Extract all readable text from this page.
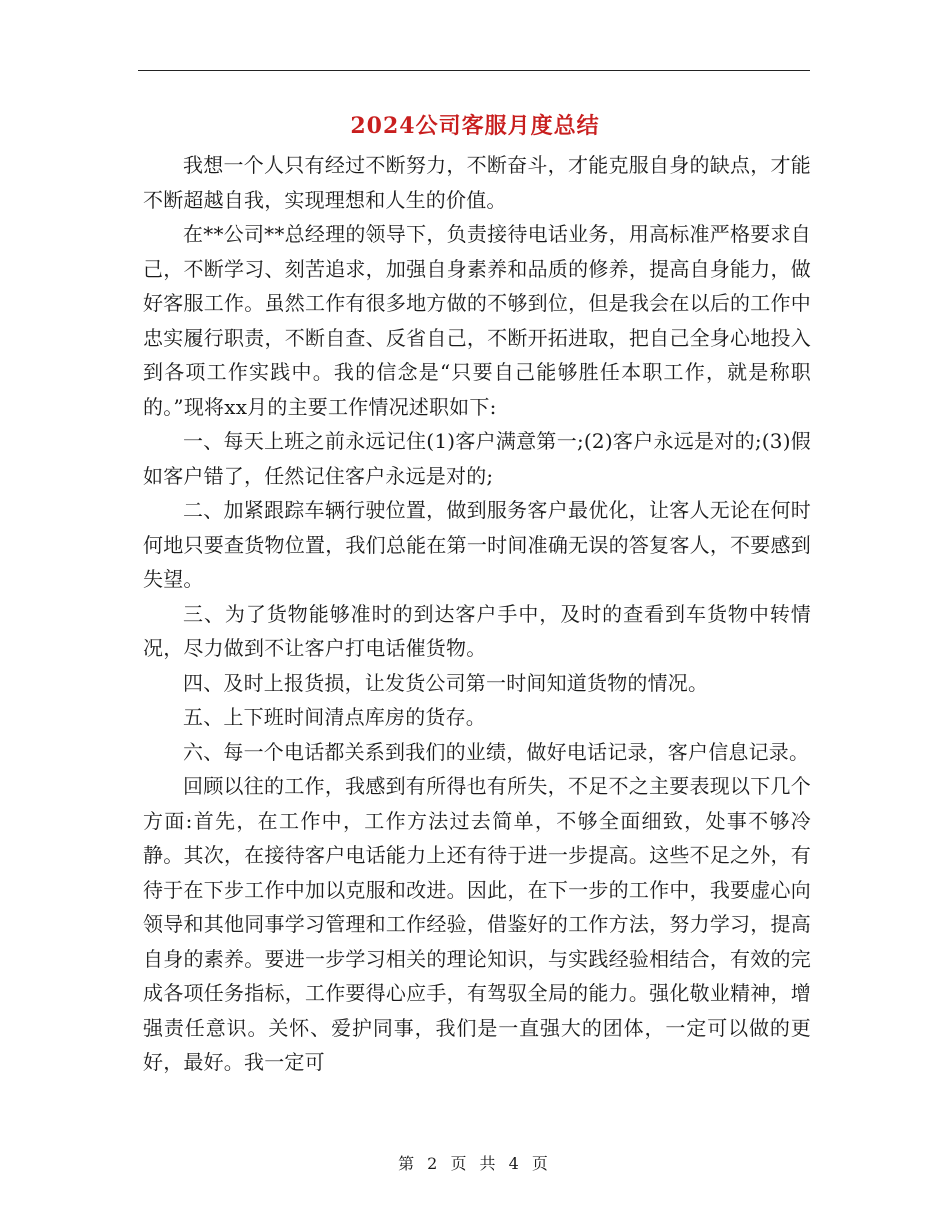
2024公司客服月度总结

我想一个人只有经过不断努力，不断奋斗，才能克服自身的缺点，才能不断超越自我，实现理想和人生的价值。

在**公司**总经理的领导下，负责接待电话业务，用高标准严格要求自己，不断学习、刻苦追求，加强自身素养和品质的修养，提高自身能力，做好客服工作。虽然工作有很多地方做的不够到位，但是我会在以后的工作中忠实履行职责，不断自查、反省自己，不断开拓进取，把自己全身心地投入到各项工作实践中。我的信念是“只要自己能够胜任本职工作，就是称职的。”现将xx月的主要工作情况述职如下:

一、每天上班之前永远记住(1)客户满意第一;(2)客户永远是对的;(3)假如客户错了，任然记住客户永远是对的;

二、加紧跟踪车辆行驶位置，做到服务客户最优化，让客人无论在何时何地只要查货物位置，我们总能在第一时间准确无误的答复客人，不要感到失望。

三、为了货物能够准时的到达客户手中，及时的查看到车货物中转情况，尽力做到不让客户打电话催货物。

四、及时上报货损，让发货公司第一时间知道货物的情况。

五、上下班时间清点库房的货存。

六、每一个电话都关系到我们的业绩，做好电话记录，客户信息记录。

回顾以往的工作，我感到有所得也有所失，不足不之主要表现以下几个方面:首先，在工作中，工作方法过去简单，不够全面细致，处事不够冷静。其次，在接待客户电话能力上还有待于进一步提高。这些不足之外，有待于在下步工作中加以克服和改进。因此，在下一步的工作中，我要虚心向领导和其他同事学习管理和工作经验，借鉴好的工作方法，努力学习，提高自身的素养。要进一步学习相关的理论知识，与实践经验相结合，有效的完成各项任务指标，工作要得心应手，有驾驭全局的能力。强化敬业精神，增强责任意识。关怀、爱护同事，我们是一直强大的团体，一定可以做的更好，最好。我一定可

第 2 页 共 4 页
